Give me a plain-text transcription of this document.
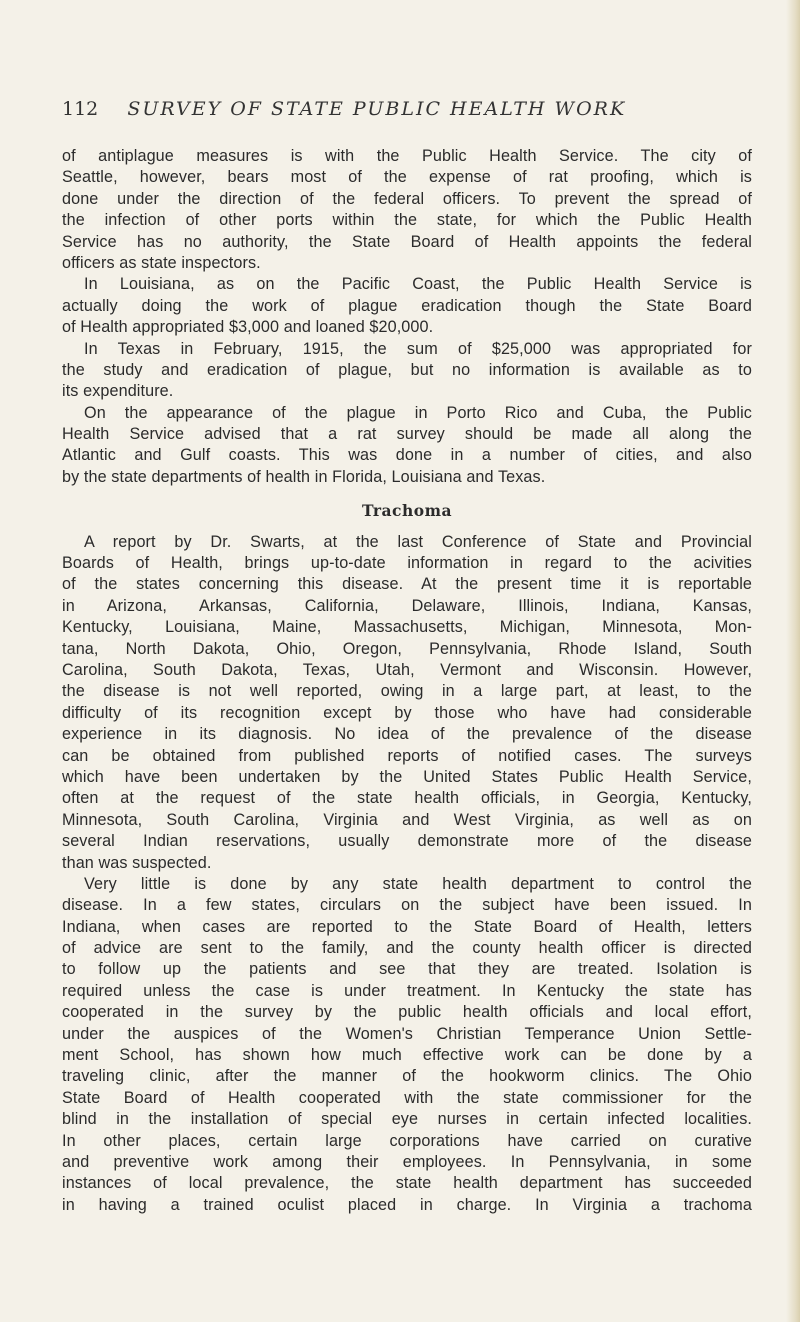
112 SURVEY OF STATE PUBLIC HEALTH WORK
of antiplague measures is with the Public Health Service. The city of
Seattle, however, bears most of the expense of rat proofing, which is
done under the direction of the federal officers. To prevent the spread of
the infection of other ports within the state, for which the Public Health
Service has no authority, the State Board of Health appoints the federal
officers as state inspectors.
In Louisiana, as on the Pacific Coast, the Public Health Service is
actually doing the work of plague eradication though the State Board
of Health appropriated $3,000 and loaned $20,000.
In Texas in February, 1915, the sum of $25,000 was appropriated for
the study and eradication of plague, but no information is available as to
its expenditure.
On the appearance of the plague in Porto Rico and Cuba, the Public
Health Service advised that a rat survey should be made all along the
Atlantic and Gulf coasts. This was done in a number of cities, and also
by the state departments of health in Florida, Louisiana and Texas.
Trachoma
A report by Dr. Swarts, at the last Conference of State and Provincial
Boards of Health, brings up-to-date information in regard to the acivities
of the states concerning this disease. At the present time it is reportable
in Arizona, Arkansas, California, Delaware, Illinois, Indiana, Kansas,
Kentucky, Louisiana, Maine, Massachusetts, Michigan, Minnesota, Mon-
tana, North Dakota, Ohio, Oregon, Pennsylvania, Rhode Island, South
Carolina, South Dakota, Texas, Utah, Vermont and Wisconsin. However,
the disease is not well reported, owing in a large part, at least, to the
difficulty of its recognition except by those who have had considerable
experience in its diagnosis. No idea of the prevalence of the disease
can be obtained from published reports of notified cases. The surveys
which have been undertaken by the United States Public Health Service,
often at the request of the state health officials, in Georgia, Kentucky,
Minnesota, South Carolina, Virginia and West Virginia, as well as on
several Indian reservations, usually demonstrate more of the disease
than was suspected.
Very little is done by any state health department to control the
disease. In a few states, circulars on the subject have been issued. In
Indiana, when cases are reported to the State Board of Health, letters
of advice are sent to the family, and the county health officer is directed
to follow up the patients and see that they are treated. Isolation is
required unless the case is under treatment. In Kentucky the state has
cooperated in the survey by the public health officials and local effort,
under the auspices of the Women's Christian Temperance Union Settle-
ment School, has shown how much effective work can be done by a
traveling clinic, after the manner of the hookworm clinics. The Ohio
State Board of Health cooperated with the state commissioner for the
blind in the installation of special eye nurses in certain infected localities.
In other places, certain large corporations have carried on curative
and preventive work among their employees. In Pennsylvania, in some
instances of local prevalence, the state health department has succeeded
in having a trained oculist placed in charge. In Virginia a trachoma
